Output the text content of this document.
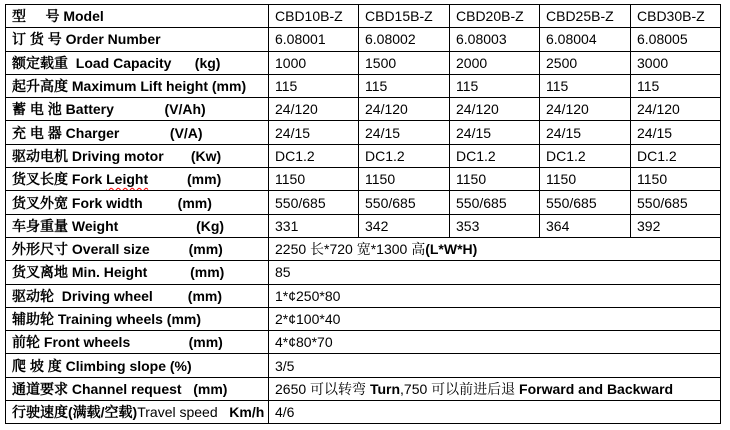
型     号 Model	CBD10B-Z	CBD15B-Z	CBD20B-Z	CBD25B-Z	CBD30B-Z
订 货 号 Order Number	6.08001	6.08002	6.08003	6.08004	6.08005
额定载重  Load Capacity      (kg)	1000	1500	2000	2500	3000
起升高度 Maximum Lift height (mm)	115	115	115	115	115
蓄 电 池 Battery             (V/Ah)	24/120	24/120	24/120	24/120	24/120
充 电 器 Charger             (V/A)	24/15	24/15	24/15	24/15	24/15
驱动电机 Driving motor       (Kw)	DC1.2	DC1.2	DC1.2	DC1.2	DC1.2
货叉长度 Fork Leight          (mm)	1150	1150	1150	1150	1150
货叉外宽 Fork width         (mm)	550/685	550/685	550/685	550/685	550/685
车身重量 Weight                    (Kg)	331	342	353	364	392
外形尺寸 Overall size          (mm)	2250 长*720 宽*1300 高(L*W*H)				
货叉离地 Min. Height           (mm)	85				
驱动轮  Driving wheel         (mm)	1*¢250*80				
辅助轮 Training wheels (mm)	2*¢100*40				
前轮 Front wheels               (mm)	4*¢80*70				
爬 坡 度 Climbing slope (%)	3/5				
通道要求 Channel request   (mm)	2650 可以转弯 Turn,750 可以前进后退 Forward and Backward				
行驶速度(满载/空载)Travel speed   Km/h	4/6				
